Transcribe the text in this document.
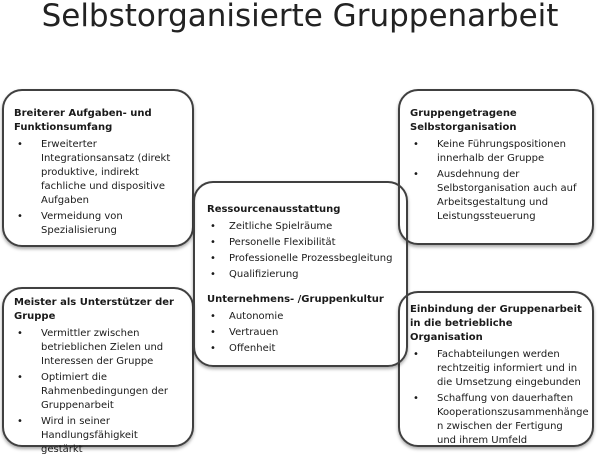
Selbstorganisierte Gruppenarbeit
Breiterer Aufgaben- und Funktionsumfang
• Erweiterter Integrationsansatz (direkt produktive, indirekt fachliche und dispositive Aufgaben
• Vermeidung von Spezialisierung
Gruppengetragene Selbstorganisation
• Keine Führungspositionen innerhalb der Gruppe
• Ausdehnung der Selbstorganisation auch auf Arbeitsgestaltung und Leistungssteuerung
Meister als Unterstützer der Gruppe
• Vermittler zwischen betrieblichen Zielen und Interessen der Gruppe
• Optimiert die Rahmenbedingungen der Gruppenarbeit
• Wird in seiner Handlungsfähigkeit gestärkt
Einbindung der Gruppenarbeit in die betriebliche Organisation
• Fachabteilungen werden rechtzeitig informiert und in die Umsetzung eingebunden
• Schaffung von dauerhaften Kooperationszusammenhänge n zwischen der Fertigung und ihrem Umfeld
Ressourcenausstattung
• Zeitliche Spielräume
• Personelle Flexibilität
• Professionelle Prozessbegleitung
• Qualifizierung
Unternehmens- /Gruppenkultur
• Autonomie
• Vertrauen
• Offenheit
